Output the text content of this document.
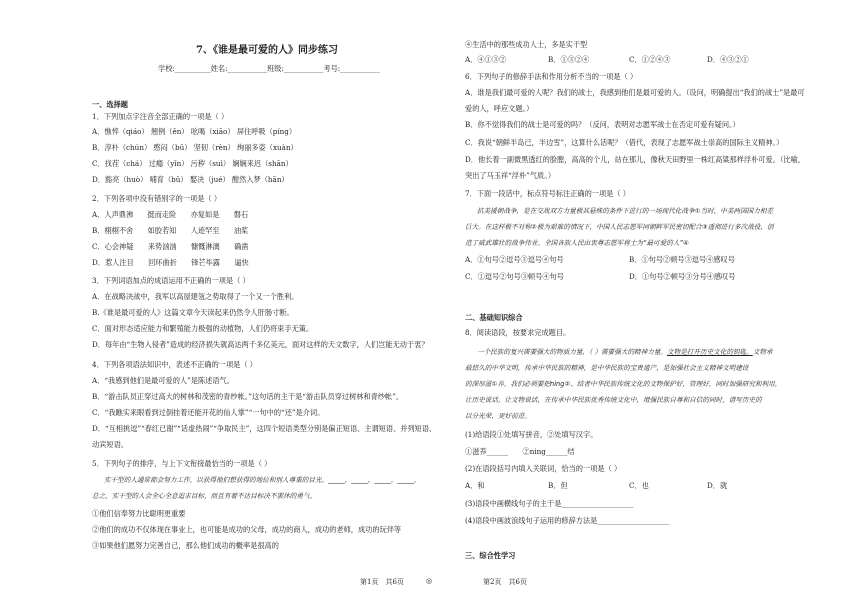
7、《谁是最可爱的人》同步练习
学校:__________姓名:___________班级:___________考号:___________
一、选择题
1．下列加点字注音全部正确的一项是（ ）
A．憔悴（qiáo） 翘例（ěn） 吆喝（xiāo） 屏住呼吸（píng）
B．淳朴（chún） 憨闷（bū） 坚韧（rèn） 绚丽多姿（xuàn）
C．找茬（chá） 过瘾（yǐn） 污秽（suì） 娴娴来迟（shān）
D．豁亮（huò） 哺育（bǔ） 娶决（jué） 酣然入梦（hān）
2．下列各项中没有错别字的一项是（ ）
A．人声鼎沸　　挺而走险　　亦复如是　　磐石
B．栩栩不舍　　如胶若知　　人迹罕至　　油桨
C．心会神疑　　来势汹汹　　慷慨淋漓　　确凿
D．惹人注目　　回环曲折　　锋芒毕露　　逼快
3．下列词语加点的成语运用不正确的一项是（ ）
A．在战略决战中，我军以高屋建瓴之势取得了一个又一个胜利。
B.《谁是最可爱的人》这篇文章今天读起来仍然令人肝肠寸断。
C．面对形态适应能力和繁殖能力极强的动植物，人们仍将束手无策。
D．每年由“生物入侵者”造成的经济损失就高达两千多亿美元，面对这样的天文数字，人们岂能无动于衷？
4．下列各项语法知识中，表述不正确的一项是（ ）
A．“我感到他们是最可爱的人”是陈述语气。
B．“游击队员正穿过高大的树林和茂密的青纱帐。”这句话的主干是“游击队员穿过树林和青纱帐”。
C．“我瞧实来眼看到过倒挂着还能开花的仙人掌”“一句中的“还”是介词。
D．“互相挑逗”“春红已谢”“话虚热闹”“争取民主”，这四个短语类型分别是偏正短语、主谓短语、并列短语、
动宾短语。
5．下列句子的排序，与上下文衔接最恰当的一项是（ ）
实干型的人通常都会努力工作，以获得他们想获得的地位和别人尊重的目光。_____，_____，_____，_____，
总之，实干型的人会全心全意追求目标，而且有着不达目标决不罢休的勇气。
①他们信奉努力比聪明更重要
②他们的成功不仅体现在事业上，也可能是成功的父母，成功的商人，成功的老师，成功的玩伴等
③如果他们愿努力完善自己，那么他们成功的概率是很高的
④生活中的那些成功人士，多是实干型
A．④①③②	B．①③②④	C．①②④③	D．④③②①
6．下列句子的修辞手法和作用分析不当的一项是（ ）
A．谁是我们最可爱的人呢？我们的战士，我感到他们是最可爱的人。（设问，明确提出“我们的战士”是最可
爱的人，呼应文题。）
B．你不觉得我们的战士是可爱的吗？（反问，表明对志愿军战士在否定可爱有疑问。）
C．我说“朝鲜半岛已，半边雪”，这算什么话呢？（借代，表现了志愿军战士崇高的国际主义精神。）
D．他长着一副微黑透红的脸膛，高高的个儿，站在那儿，像秋天田野里一株红高粱那样浮朴可爱。（比喻，
突出了马玉祥“浮朴”气质。）
7．下面一段话中，标点符号标注正确的一项是（ ）
抗美援朝战争，是在交战双方力量极其悬殊的条件下进行的一场现代化战争①当时，中美两国国力相差
巨大。在这样极不对称②极为艰难的情况下，中国人民志愿军同朝鲜军民密切配合③透彻进行多次战役，创
造了威武雄壮的战争伟业。全国各族人民由衷尊志愿军将士为“最可爱的人”④
A．①句号②逗号③逗号④句号	B．①句号②顿号③逗号④感叹号
C．①逗号②句号③顿号④句号	D．①句号②顿号③分号④感叹号
二、基础知识综合
8．阅读语段，按要求完成题目。
一个民族的复兴需要强大的物质力量，（ ）需要强大的精神力量。文物是打开历史文化的钥匙。文物承
载悠久的中华文明，传承中华民族的精神，是中华民族的宝贵遗产，是加强社会主义精神文明建设
的深厚滋①养。我们必须要把ning②、结者中华民族传统文化的文物保护好，管理好，同时加强研究和利用，
让历史说话，让文物说话，在传承中华民族优秀传统文化中，增强民族自尊和自信的同时，谱写历史的
以分光荣，更好前进。
(1)给语段①处填写拼音，②处填写汉字。
①滋养______　　②ning______结
(2)在语段括号内填入关联词，恰当的一项是（ ）
A．和	B．但	C．也	D．就
(3)语段中画横线句子的主干是____________________
(4)语段中画波浪线句子运用的修辞方法是____________________
三、综合性学习
第1页　共6页	◎	第2页　共6页
